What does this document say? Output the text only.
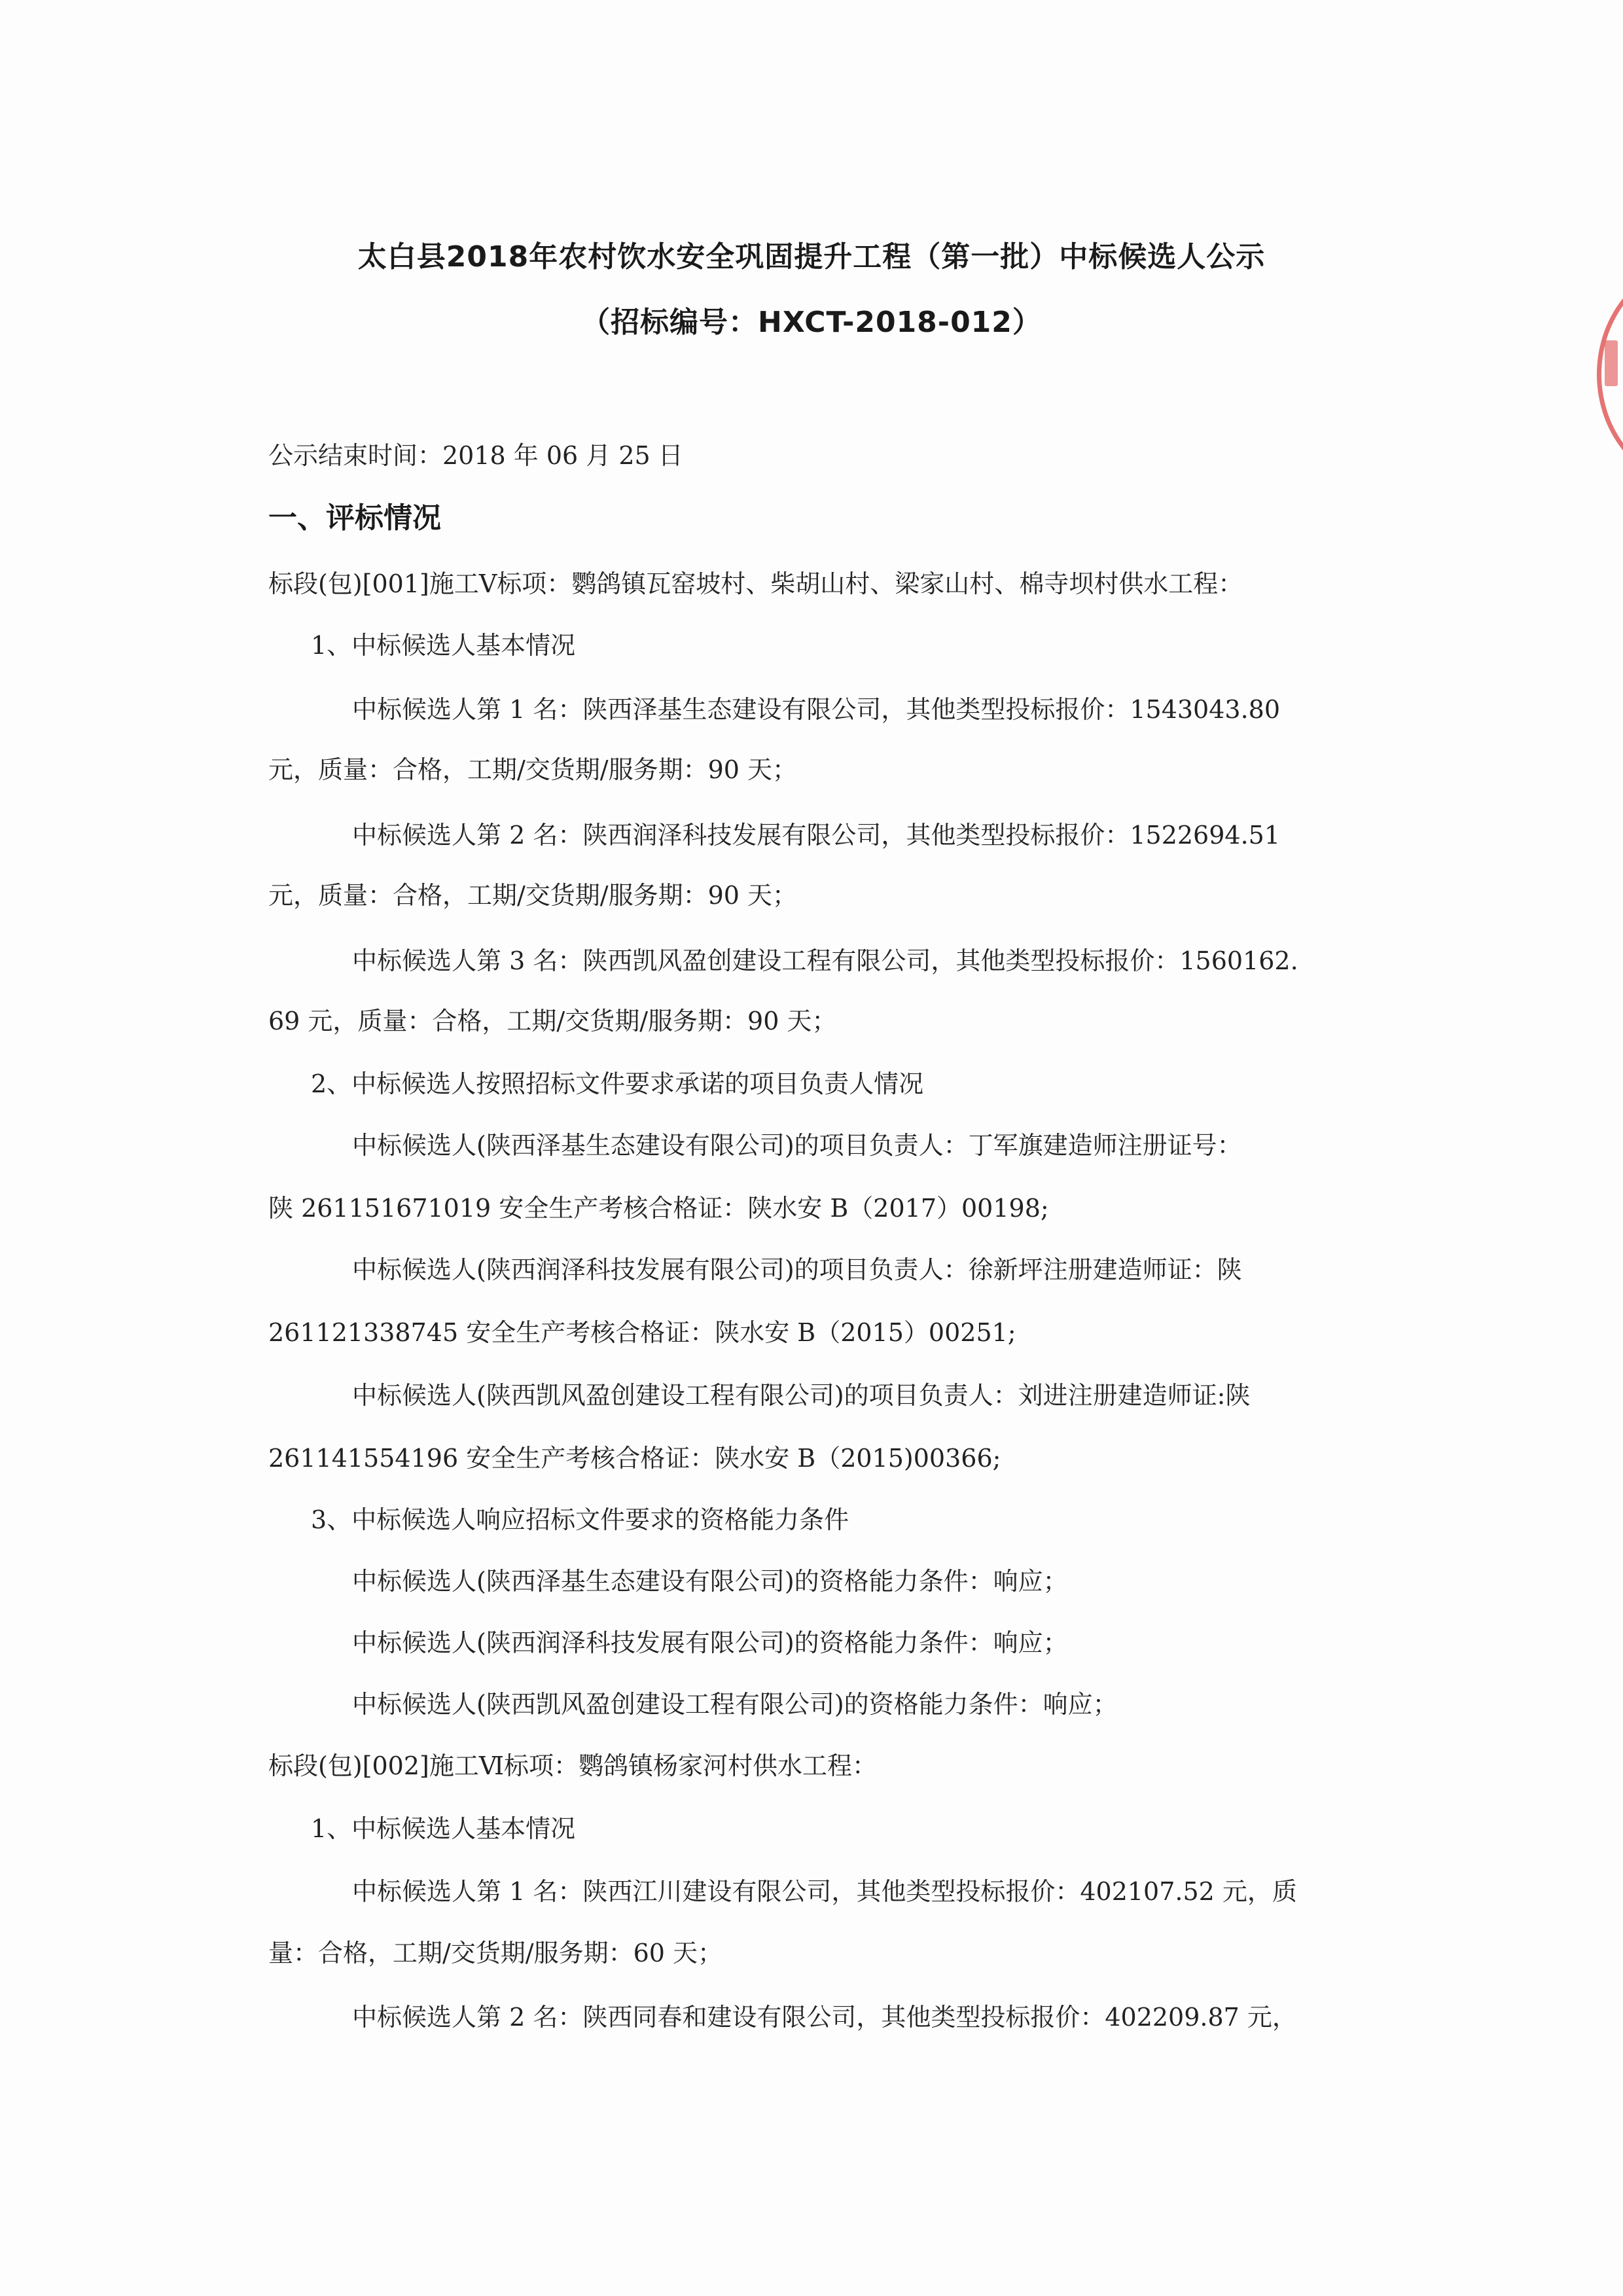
太白县2018年农村饮水安全巩固提升工程（第一批）中标候选人公示
（招标编号：HXCT-2018-012）
公示结束时间：2018 年 06 月 25 日
一、评标情况
标段(包)[001]施工Ⅴ标项：鹦鸽镇瓦窑坡村、柴胡山村、梁家山村、棉寺坝村供水工程：
1、中标候选人基本情况
中标候选人第 1 名：陕西泽基生态建设有限公司，其他类型投标报价：1543043.80
元，质量：合格，工期/交货期/服务期：90 天；
中标候选人第 2 名：陕西润泽科技发展有限公司，其他类型投标报价：1522694.51
元，质量：合格，工期/交货期/服务期：90 天；
中标候选人第 3 名：陕西凯风盈创建设工程有限公司，其他类型投标报价：1560162.
69 元，质量：合格，工期/交货期/服务期：90 天；
2、中标候选人按照招标文件要求承诺的项目负责人情况
中标候选人(陕西泽基生态建设有限公司)的项目负责人：丁军旗建造师注册证号：
陕 261151671019 安全生产考核合格证：陕水安 B（2017）00198;
中标候选人(陕西润泽科技发展有限公司)的项目负责人：徐新坪注册建造师证：陕
261121338745 安全生产考核合格证：陕水安 B（2015）00251;
中标候选人(陕西凯风盈创建设工程有限公司)的项目负责人：刘进注册建造师证:陕
261141554196 安全生产考核合格证：陕水安 B（2015)00366;
3、中标候选人响应招标文件要求的资格能力条件
中标候选人(陕西泽基生态建设有限公司)的资格能力条件：响应；
中标候选人(陕西润泽科技发展有限公司)的资格能力条件：响应；
中标候选人(陕西凯风盈创建设工程有限公司)的资格能力条件：响应；
标段(包)[002]施工Ⅵ标项：鹦鸽镇杨家河村供水工程：
1、中标候选人基本情况
中标候选人第 1 名：陕西江川建设有限公司，其他类型投标报价：402107.52 元，质
量：合格，工期/交货期/服务期：60 天；
中标候选人第 2 名：陕西同春和建设有限公司，其他类型投标报价：402209.87 元，
